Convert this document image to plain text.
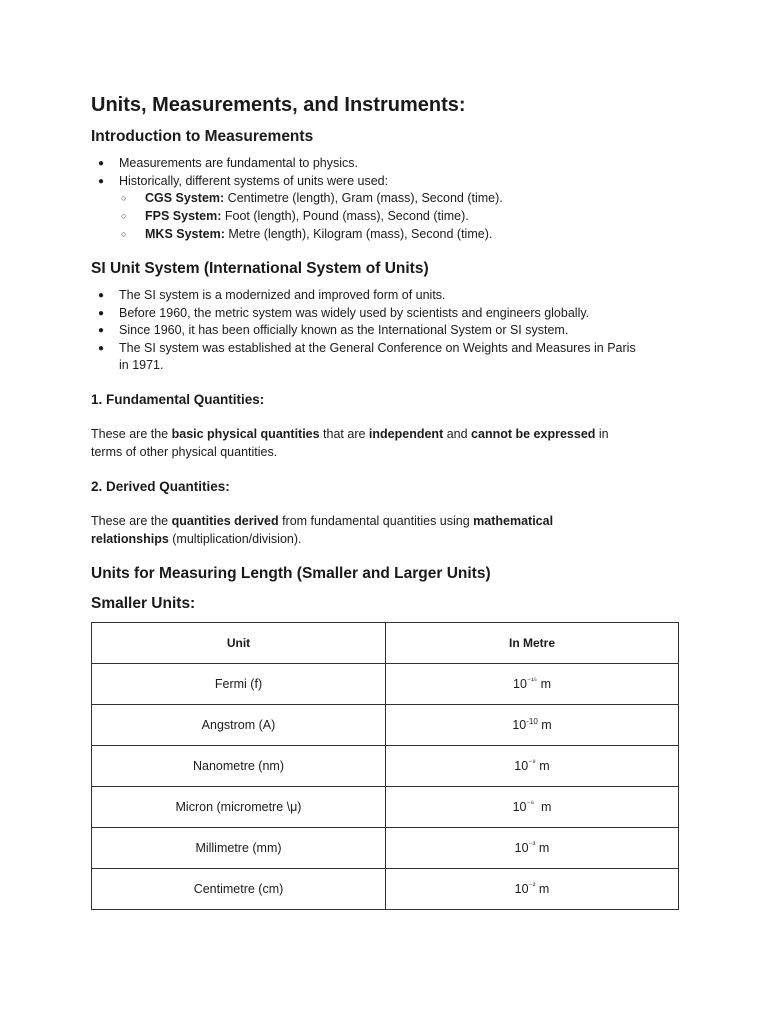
Units, Measurements, and Instruments:
Introduction to Measurements
● Measurements are fundamental to physics.
● Historically, different systems of units were used:
○ CGS System: Centimetre (length), Gram (mass), Second (time).
○ FPS System: Foot (length), Pound (mass), Second (time).
○ MKS System: Metre (length), Kilogram (mass), Second (time).
SI Unit System (International System of Units)
● The SI system is a modernized and improved form of units.
● Before 1960, the metric system was widely used by scientists and engineers globally.
● Since 1960, it has been officially known as the International System or SI system.
● The SI system was established at the General Conference on Weights and Measures in Paris
in 1971.
1. Fundamental Quantities:
These are the basic physical quantities that are independent and cannot be expressed in
terms of other physical quantities.
2. Derived Quantities:
These are the quantities derived from fundamental quantities using mathematical
relationships (multiplication/division).
Units for Measuring Length (Smaller and Larger Units)
Smaller Units:
Unit	In Metre
Fermi (f)	$10^{^{-15}}$ m
Angstrom (A)	$10^{-10}$ m
Nanometre (nm)	$10^{^{-9}}$ m
Micron (micrometre \μ)	$10^{^{-6}}$  m
Millimetre (mm)	$10^{^{-3}}$ m
Centimetre (cm)	$10^{^{-2}}$ m
